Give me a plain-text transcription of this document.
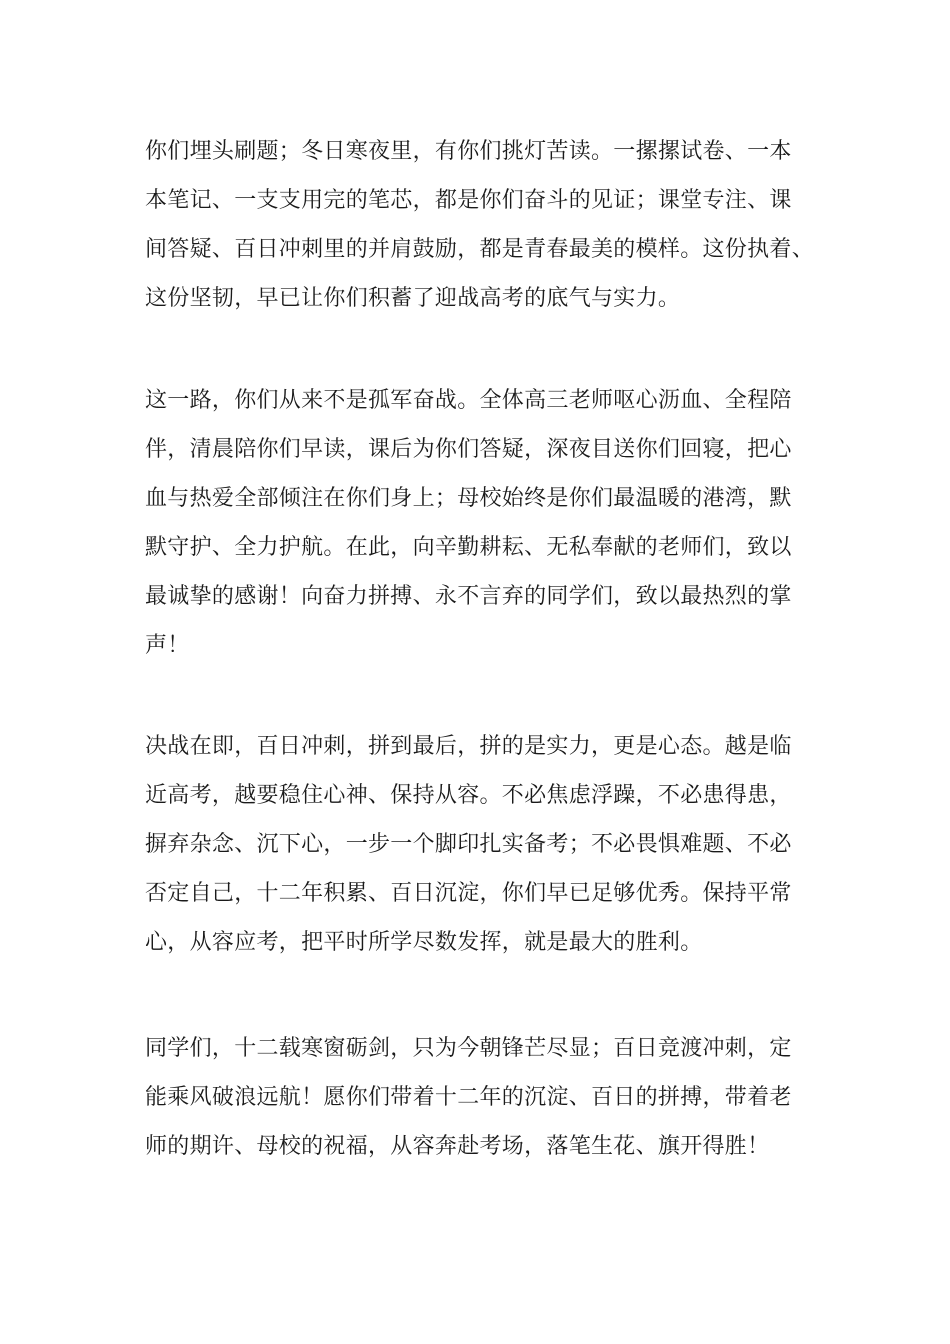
你们埋头刷题；冬日寒夜里，有你们挑灯苦读。一摞摞试卷、一本
本笔记、一支支用完的笔芯，都是你们奋斗的见证；课堂专注、课
间答疑、百日冲刺里的并肩鼓励，都是青春最美的模样。这份执着、
这份坚韧，早已让你们积蓄了迎战高考的底气与实力。

这一路，你们从来不是孤军奋战。全体高三老师呕心沥血、全程陪
伴，清晨陪你们早读，课后为你们答疑，深夜目送你们回寝，把心
血与热爱全部倾注在你们身上；母校始终是你们最温暖的港湾，默
默守护、全力护航。在此，向辛勤耕耘、无私奉献的老师们，致以
最诚挚的感谢！向奋力拼搏、永不言弃的同学们，致以最热烈的掌
声！

决战在即，百日冲刺，拼到最后，拼的是实力，更是心态。越是临
近高考，越要稳住心神、保持从容。不必焦虑浮躁，不必患得患，
摒弃杂念、沉下心，一步一个脚印扎实备考；不必畏惧难题、不必
否定自己，十二年积累、百日沉淀，你们早已足够优秀。保持平常
心，从容应考，把平时所学尽数发挥，就是最大的胜利。

同学们，十二载寒窗砺剑，只为今朝锋芒尽显；百日竞渡冲刺，定
能乘风破浪远航！愿你们带着十二年的沉淀、百日的拼搏，带着老
师的期许、母校的祝福，从容奔赴考场，落笔生花、旗开得胜！
